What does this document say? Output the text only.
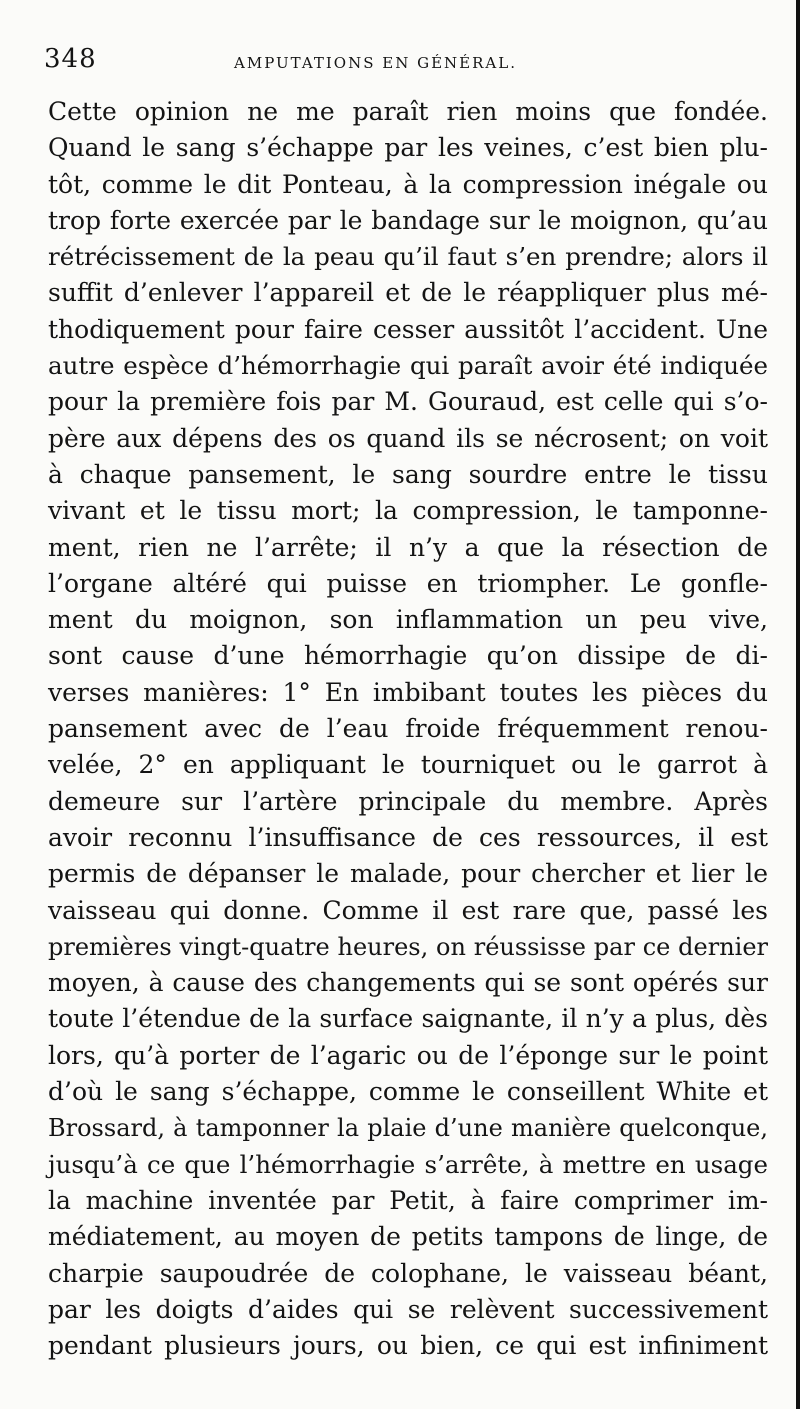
348	AMPUTATIONS EN GÉNÉRAL.
Cette opinion ne me paraît rien moins que fondée.
Quand le sang s’échappe par les veines, c’est bien plu-
tôt, comme le dit Ponteau, à la compression inégale ou
trop forte exercée par le bandage sur le moignon, qu’au
rétrécissement de la peau qu’il faut s’en prendre; alors il
suffit d’enlever l’appareil et de le réappliquer plus mé-
thodiquement pour faire cesser aussitôt l’accident. Une
autre espèce d’hémorrhagie qui paraît avoir été indiquée
pour la première fois par M. Gouraud, est celle qui s’o-
père aux dépens des os quand ils se nécrosent; on voit
à chaque pansement, le sang sourdre entre le tissu
vivant et le tissu mort; la compression, le tamponne-
ment, rien ne l’arrête; il n’y a que la résection de
l’organe altéré qui puisse en triompher. Le gonfle-
ment du moignon, son inflammation un peu vive,
sont cause d’une hémorrhagie qu’on dissipe de di-
verses manières: 1° En imbibant toutes les pièces du
pansement avec de l’eau froide fréquemment renou-
velée, 2° en appliquant le tourniquet ou le garrot à
demeure sur l’artère principale du membre. Après
avoir reconnu l’insuffisance de ces ressources, il est
permis de dépanser le malade, pour chercher et lier le
vaisseau qui donne. Comme il est rare que, passé les
premières vingt-quatre heures, on réussisse par ce dernier
moyen, à cause des changements qui se sont opérés sur
toute l’étendue de la surface saignante, il n’y a plus, dès
lors, qu’à porter de l’agaric ou de l’éponge sur le point
d’où le sang s’échappe, comme le conseillent White et
Brossard, à tamponner la plaie d’une manière quelconque,
jusqu’à ce que l’hémorrhagie s’arrête, à mettre en usage
la machine inventée par Petit, à faire comprimer im-
médiatement, au moyen de petits tampons de linge, de
charpie saupoudrée de colophane, le vaisseau béant,
par les doigts d’aides qui se relèvent successivement
pendant plusieurs jours, ou bien, ce qui est infiniment
